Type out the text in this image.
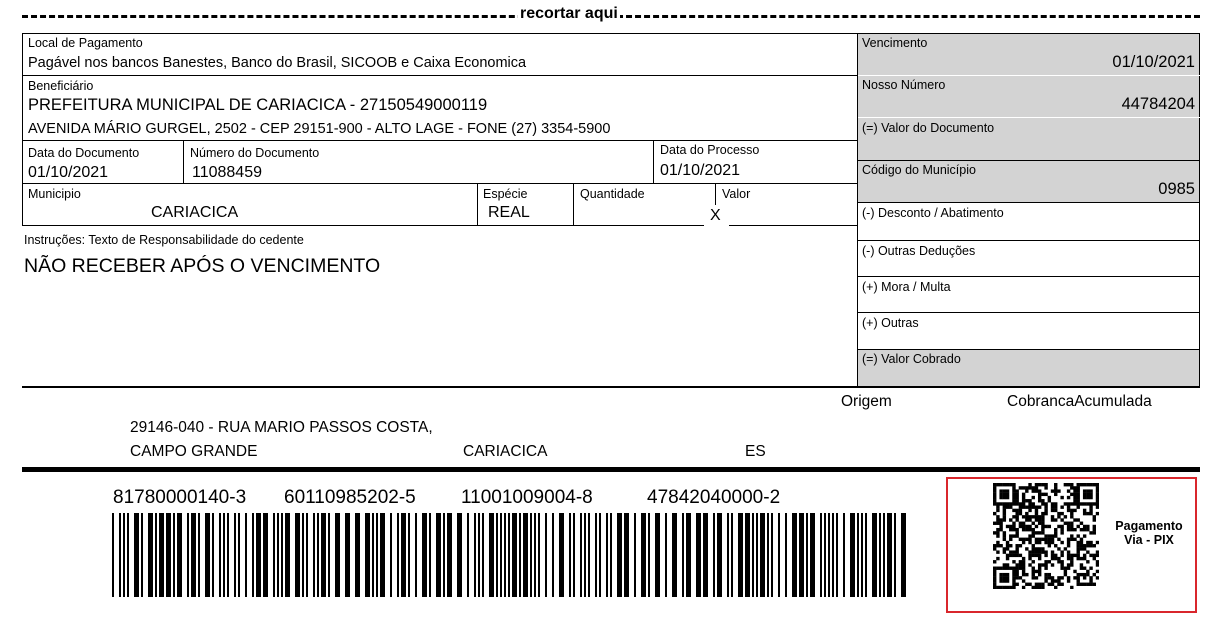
recortar aqui
Local de Pagamento
Pagável nos bancos Banestes, Banco do Brasil, SICOOB e Caixa Economica
Beneficiário
PREFEITURA MUNICIPAL DE CARIACICA - 27150549000119
AVENIDA MÁRIO GURGEL, 2502 - CEP 29151-900 - ALTO LAGE - FONE (27) 3354-5900
Data do Documento
01/10/2021
Número do Documento
11088459
Data do Processo
01/10/2021
Municipio
CARIACICA
Espécie
REAL
Quantidade	Valor
X
Instruções: Texto de Responsabilidade do cedente
NÃO RECEBER APÓS O VENCIMENTO
Vencimento
01/10/2021
Nosso Número
44784204
(=) Valor do Documento
Código do Município
0985
(-) Desconto / Abatimento
(-) Outras Deduções
(+) Mora / Multa
(+) Outras
(=) Valor Cobrado
Origem	CobrancaAcumulada
29146-040 - RUA MARIO PASSOS COSTA,
CAMPO GRANDE	CARIACICA	ES
81780000140-3 60110985202-5 11001009004-8	47842040000-2
Pagamento
Via - PIX
